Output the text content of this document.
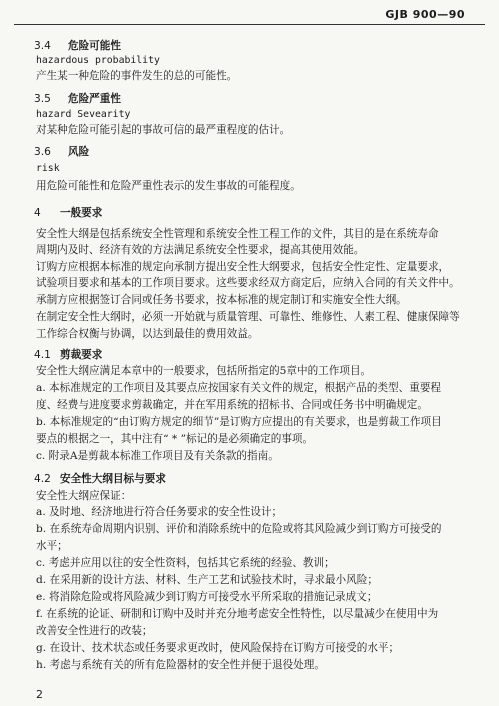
GJB 900—90
3.4 危险可能性
hazardous probability
产生某一种危险的事件发生的总的可能性。
3.5 危险严重性
hazard Sevearity
对某种危险可能引起的事故可信的最严重程度的估计。
3.6 风险
risk
用危险可能性和危险严重性表示的发生事故的可能程度。
4 一般要求
安全性大纲是包括系统安全性管理和系统安全性工程工作的文件，其目的是在系统寿命
周期内及时、经济有效的方法满足系统安全性要求，提高其使用效能。
订购方应根据本标准的规定向承制方提出安全性大纲要求，包括安全性定性、定量要求，
试验项目要求和基本的工作项目要求。这些要求经双方商定后，应纳入合同的有关文件中。
承制方应根据签订合同或任务书要求，按本标准的规定制订和实施安全性大纲。
在制定安全性大纲时，必须一开始就与质量管理、可靠性、维修性、人素工程、健康保障等
工作综合权衡与协调，以达到最佳的费用效益。
4.1 剪裁要求
安全性大纲应满足本章中的一般要求，包括所指定的5章中的工作项目。
a. 本标准规定的工作项目及其要点应按国家有关文件的规定，根据产品的类型、重要程
度、经费与进度要求剪裁确定，并在军用系统的招标书、合同或任务书中明确规定。
b. 本标准规定的“由订购方规定的细节”是订购方应提出的有关要求，也是剪裁工作项目
要点的根据之一，其中注有“ * ”标记的是必须确定的事项。
c. 附录A是剪裁本标准工作项目及有关条款的指南。
4.2 安全性大纲目标与要求
安全性大纲应保证：
a. 及时地、经济地进行符合任务要求的安全性设计；
b. 在系统寿命周期内识别、评价和消除系统中的危险或将其风险减少到订购方可接受的
水平；
c. 考虑并应用以往的安全性资料，包括其它系统的经验、教训；
d. 在采用新的设计方法、材料、生产工艺和试验技术时，寻求最小风险；
e. 将消除危险或将风险减少到订购方可接受水平所采取的措施记录成文；
f. 在系统的论证、研制和订购中及时并充分地考虑安全性特性，以尽量减少在使用中为
改善安全性进行的改装；
g. 在设计、技术状态或任务要求更改时，使风险保持在订购方可接受的水平；
h. 考虑与系统有关的所有危险器材的安全性并便于退役处理。
2
